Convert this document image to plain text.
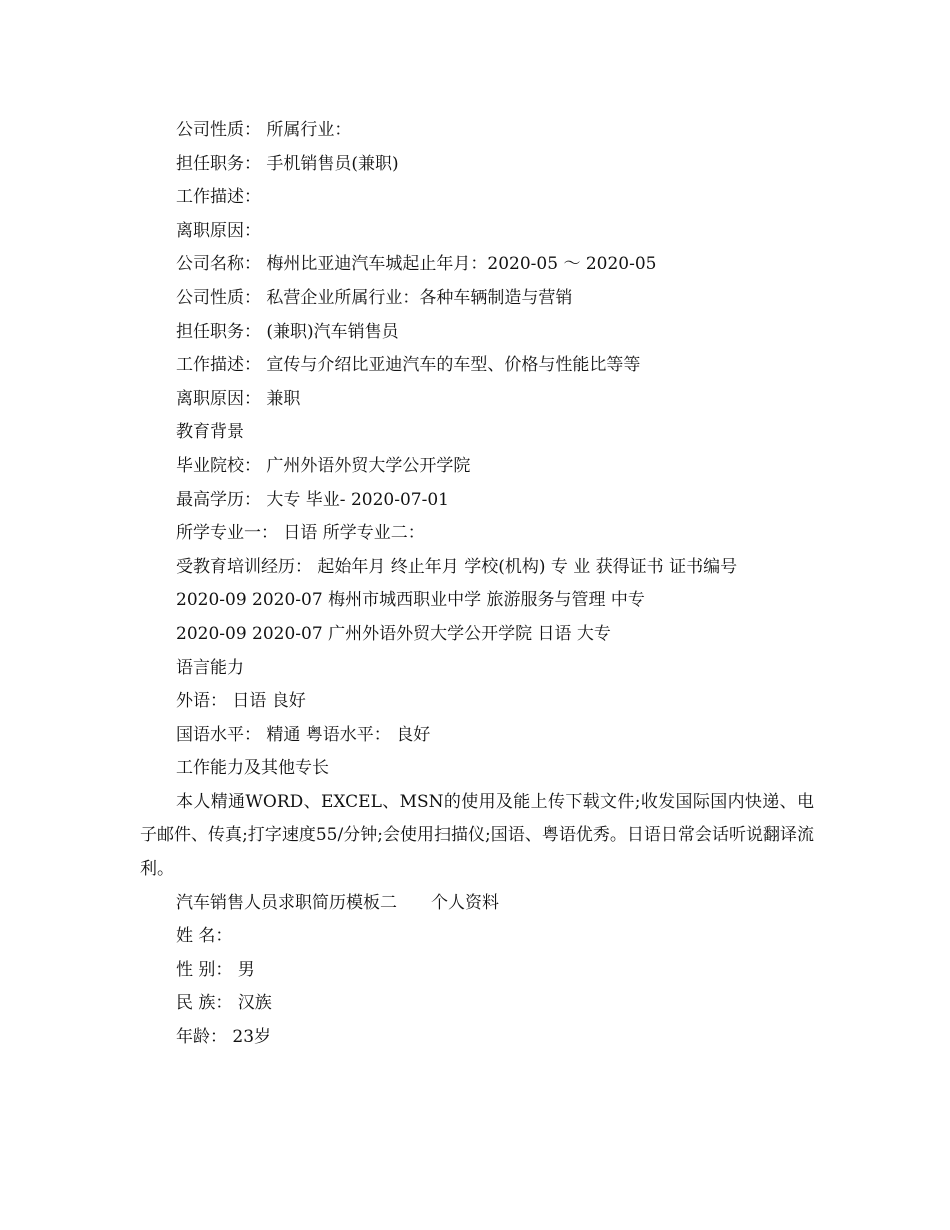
公司性质： 所属行业：
担任职务： 手机销售员(兼职)
工作描述：
离职原因：
公司名称： 梅州比亚迪汽车城起止年月：2020-05 ～ 2020-05
公司性质： 私营企业所属行业：各种车辆制造与营销
担任职务： (兼职)汽车销售员
工作描述： 宣传与介绍比亚迪汽车的车型、价格与性能比等等
离职原因： 兼职
教育背景
毕业院校： 广州外语外贸大学公开学院
最高学历： 大专 毕业- 2020-07-01
所学专业一： 日语 所学专业二：

受教育培训经历： 起始年月 终止年月 学校(机构) 专 业 获得证书 证书编号

2020-09 2020-07 梅州市城西职业中学 旅游服务与管理 中专
2020-09 2020-07 广州外语外贸大学公开学院 日语 大专
语言能力
外语： 日语 良好
国语水平： 精通 粤语水平： 良好
工作能力及其他专长

本人精通WORD、EXCEL、MSN的使用及能上传下载文件;收发国际国内快递、电子邮件、传真;打字速度55/分钟;会使用扫描仪;国语、粤语优秀。日语日常会话听说翻译流利。

汽车销售人员求职简历模板二　　个人资料
姓 名：
性 别： 男
民 族： 汉族
年龄： 23岁
